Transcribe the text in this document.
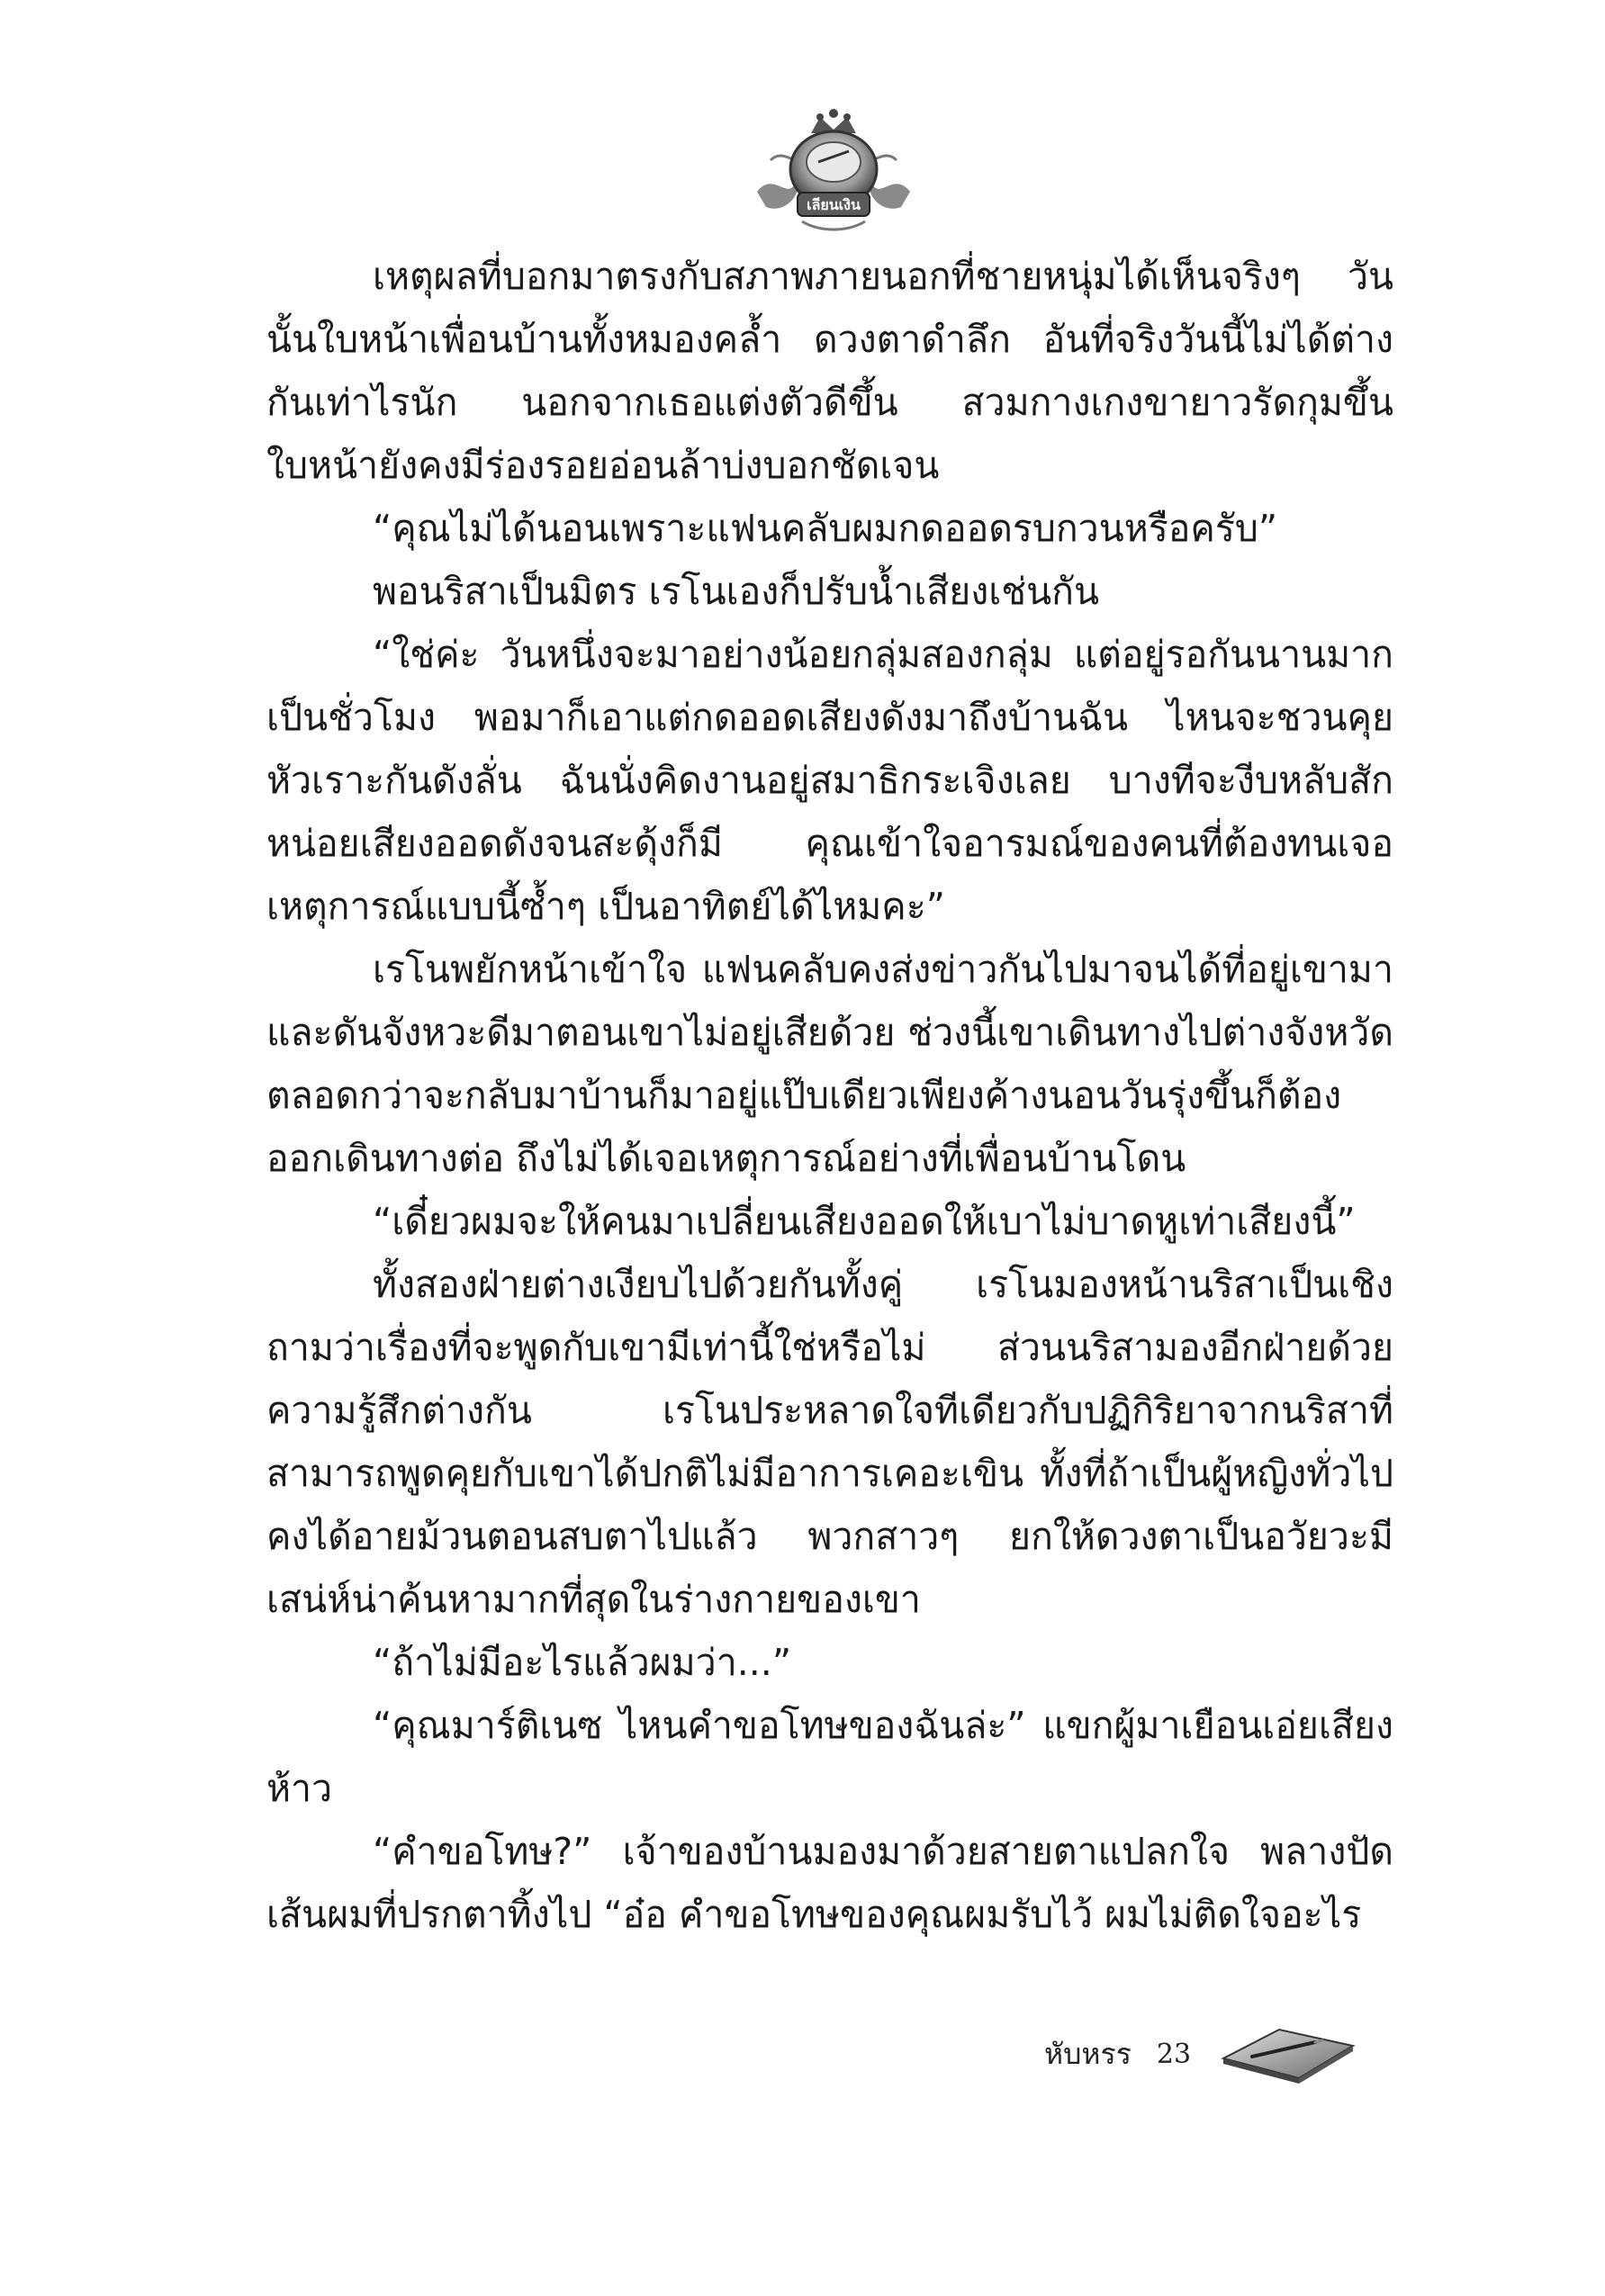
เลียนเงิน

เหตุผลที่บอกมาตรงกับสภาพภายนอกที่ชายหนุ่มได้เห็นจริงๆ วันนั้นใบหน้าเพื่อนบ้านทั้งหมองคล้ำ ดวงตาดำลึก อันที่จริงวันนี้ไม่ได้ต่างกันเท่าไรนัก นอกจากเธอแต่งตัวดีขึ้น สวมกางเกงขายาวรัดกุมขึ้น ใบหน้ายังคงมีร่องรอยอ่อนล้าบ่งบอกชัดเจน

“คุณไม่ได้นอนเพราะแฟนคลับผมกดออดรบกวนหรือครับ”

พอนริสาเป็นมิตร เรโนเองก็ปรับน้ำเสียงเช่นกัน

“ใช่ค่ะ วันหนึ่งจะมาอย่างน้อยกลุ่มสองกลุ่ม แต่อยู่รอกันนานมากเป็นชั่วโมง พอมาก็เอาแต่กดออดเสียงดังมาถึงบ้านฉัน ไหนจะชวนคุยหัวเราะกันดังลั่น ฉันนั่งคิดงานอยู่สมาธิกระเจิงเลย บางทีจะงีบหลับสักหน่อยเสียงออดดังจนสะดุ้งก็มี คุณเข้าใจอารมณ์ของคนที่ต้องทนเจอเหตุการณ์แบบนี้ซ้ำๆ เป็นอาทิตย์ได้ไหมคะ”

เรโนพยักหน้าเข้าใจ แฟนคลับคงส่งข่าวกันไปมาจนได้ที่อยู่เขามา และดันจังหวะดีมาตอนเขาไม่อยู่เสียด้วย ช่วงนี้เขาเดินทางไปต่างจังหวัดตลอดกว่าจะกลับมาบ้านก็มาอยู่แป๊บเดียวเพียงค้างนอนวันรุ่งขึ้นก็ต้องออกเดินทางต่อ ถึงไม่ได้เจอเหตุการณ์อย่างที่เพื่อนบ้านโดน

“เดี๋ยวผมจะให้คนมาเปลี่ยนเสียงออดให้เบาไม่บาดหูเท่าเสียงนี้”

ทั้งสองฝ่ายต่างเงียบไปด้วยกันทั้งคู่ เรโนมองหน้านริสาเป็นเชิงถามว่าเรื่องที่จะพูดกับเขามีเท่านี้ใช่หรือไม่ ส่วนนริสามองอีกฝ่ายด้วยความรู้สึกต่างกัน เรโนประหลาดใจทีเดียวกับปฏิกิริยาจากนริสาที่สามารถพูดคุยกับเขาได้ปกติไม่มีอาการเคอะเขิน ทั้งที่ถ้าเป็นผู้หญิงทั่วไปคงได้อายม้วนตอนสบตาไปแล้ว พวกสาวๆ ยกให้ดวงตาเป็นอวัยวะมีเสน่ห์น่าค้นหามากที่สุดในร่างกายของเขา

“ถ้าไม่มีอะไรแล้วผมว่า...”

“คุณมาร์ติเนซ ไหนคำขอโทษของฉันล่ะ” แขกผู้มาเยือนเอ่ยเสียงห้าว

“คำขอโทษ?” เจ้าของบ้านมองมาด้วยสายตาแปลกใจ พลางปัดเส้นผมที่ปรกตาทิ้งไป “อ๋อ คำขอโทษของคุณผมรับไว้ ผมไม่ติดใจอะไร

หับหรร 23
